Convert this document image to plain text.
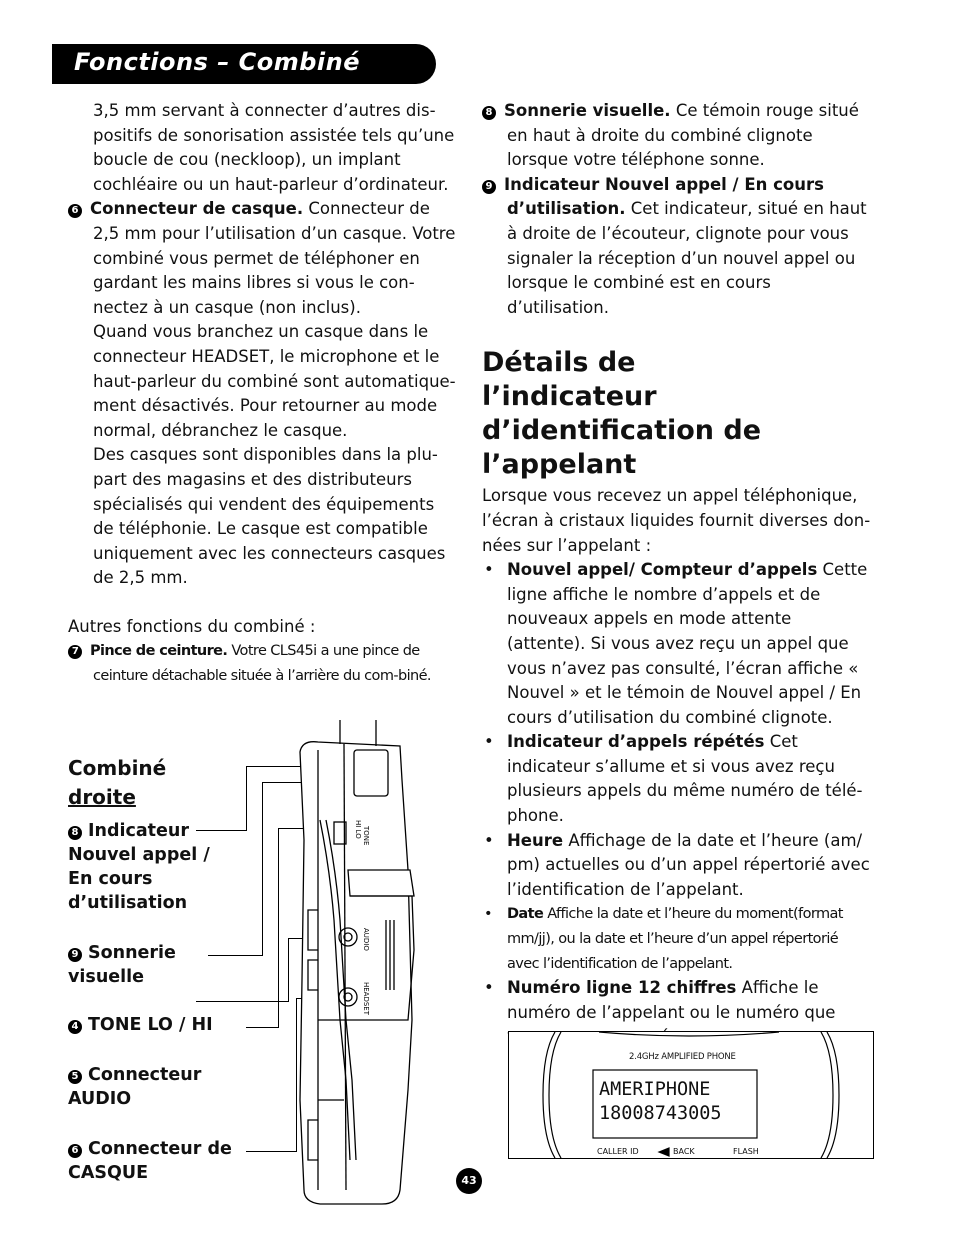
Fonctions – Combiné

3,5 mm servant à connecter d’autres dis-positifs de sonorisation assistée tels qu’une boucle de cou (neckloop), un implant cochléaire ou un haut-parleur d’ordinateur.

6 Connecteur de casque. Connecteur de 2,5 mm pour l’utilisation d’un casque. Votre combiné vous permet de téléphoner en gardant les mains libres si vous le con-nectez à un casque (non inclus).

Quand vous branchez un casque dans le connecteur HEADSET, le microphone et le haut-parleur du combiné sont automatique-ment désactivés. Pour retourner au mode normal, débranchez le casque.

Des casques sont disponibles dans la plu-part des magasins et des distributeurs spécialisés qui vendent des équipements de téléphonie. Le casque est compatible uniquement avec les connecteurs casques de 2,5 mm.

Autres fonctions du combiné :

7 Pince de ceinture. Votre CLS45i a une pince de ceinture détachable située à l’arrière du com-biné.

Combiné
droite
8 Indicateur Nouvel appel / En cours d’utilisation
9 Sonnerie visuelle
4 TONE LO / HI
5 Connecteur AUDIO
6 Connecteur de CASQUE
TONE
HI LO
AUDIO
HEADSET

8 Sonnerie visuelle. Ce témoin rouge situé en haut à droite du combiné clignote lorsque votre téléphone sonne.

9 Indicateur Nouvel appel / En cours d’utilisation. Cet indicateur, situé en haut à droite de l’écouteur, clignote pour vous signaler la réception d’un nouvel appel ou lorsque le combiné est en cours d’utilisation.

Détails de l’indicateur d’identification de l’appelant

Lorsque vous recevez un appel téléphonique, l’écran à cristaux liquides fournit diverses don-nées sur l’appelant :

• Nouvel appel/ Compteur d’appels Cette ligne affiche le nombre d’appels et de nouveaux appels en mode attente (attente). Si vous avez reçu un appel que vous n’avez pas consulté, l’écran affiche « Nouvel » et le témoin de Nouvel appel / En cours d’utilisation du combiné clignote.

• Indicateur d’appels répétés Cet indicateur s’allume et si vous avez reçu plusieurs appels du même numéro de télé-phone.

• Heure Affichage de la date et l’heure (am/ pm) actuelles ou d’un appel répertorié avec l’identification de l’appelant.

• Date Affiche la date et l’heure du moment(format mm/jj), ou la date et l’heure d’un appel répertorié avec l’identification de l’appelant.

• Numéro ligne 12 chiffres Affiche le numéro de l’appelant ou le numéro que

2.4GHz AMPLIFIED PHONE
AMERIPHONE
18008743005
CALLER ID	BACK	FLASH
43
